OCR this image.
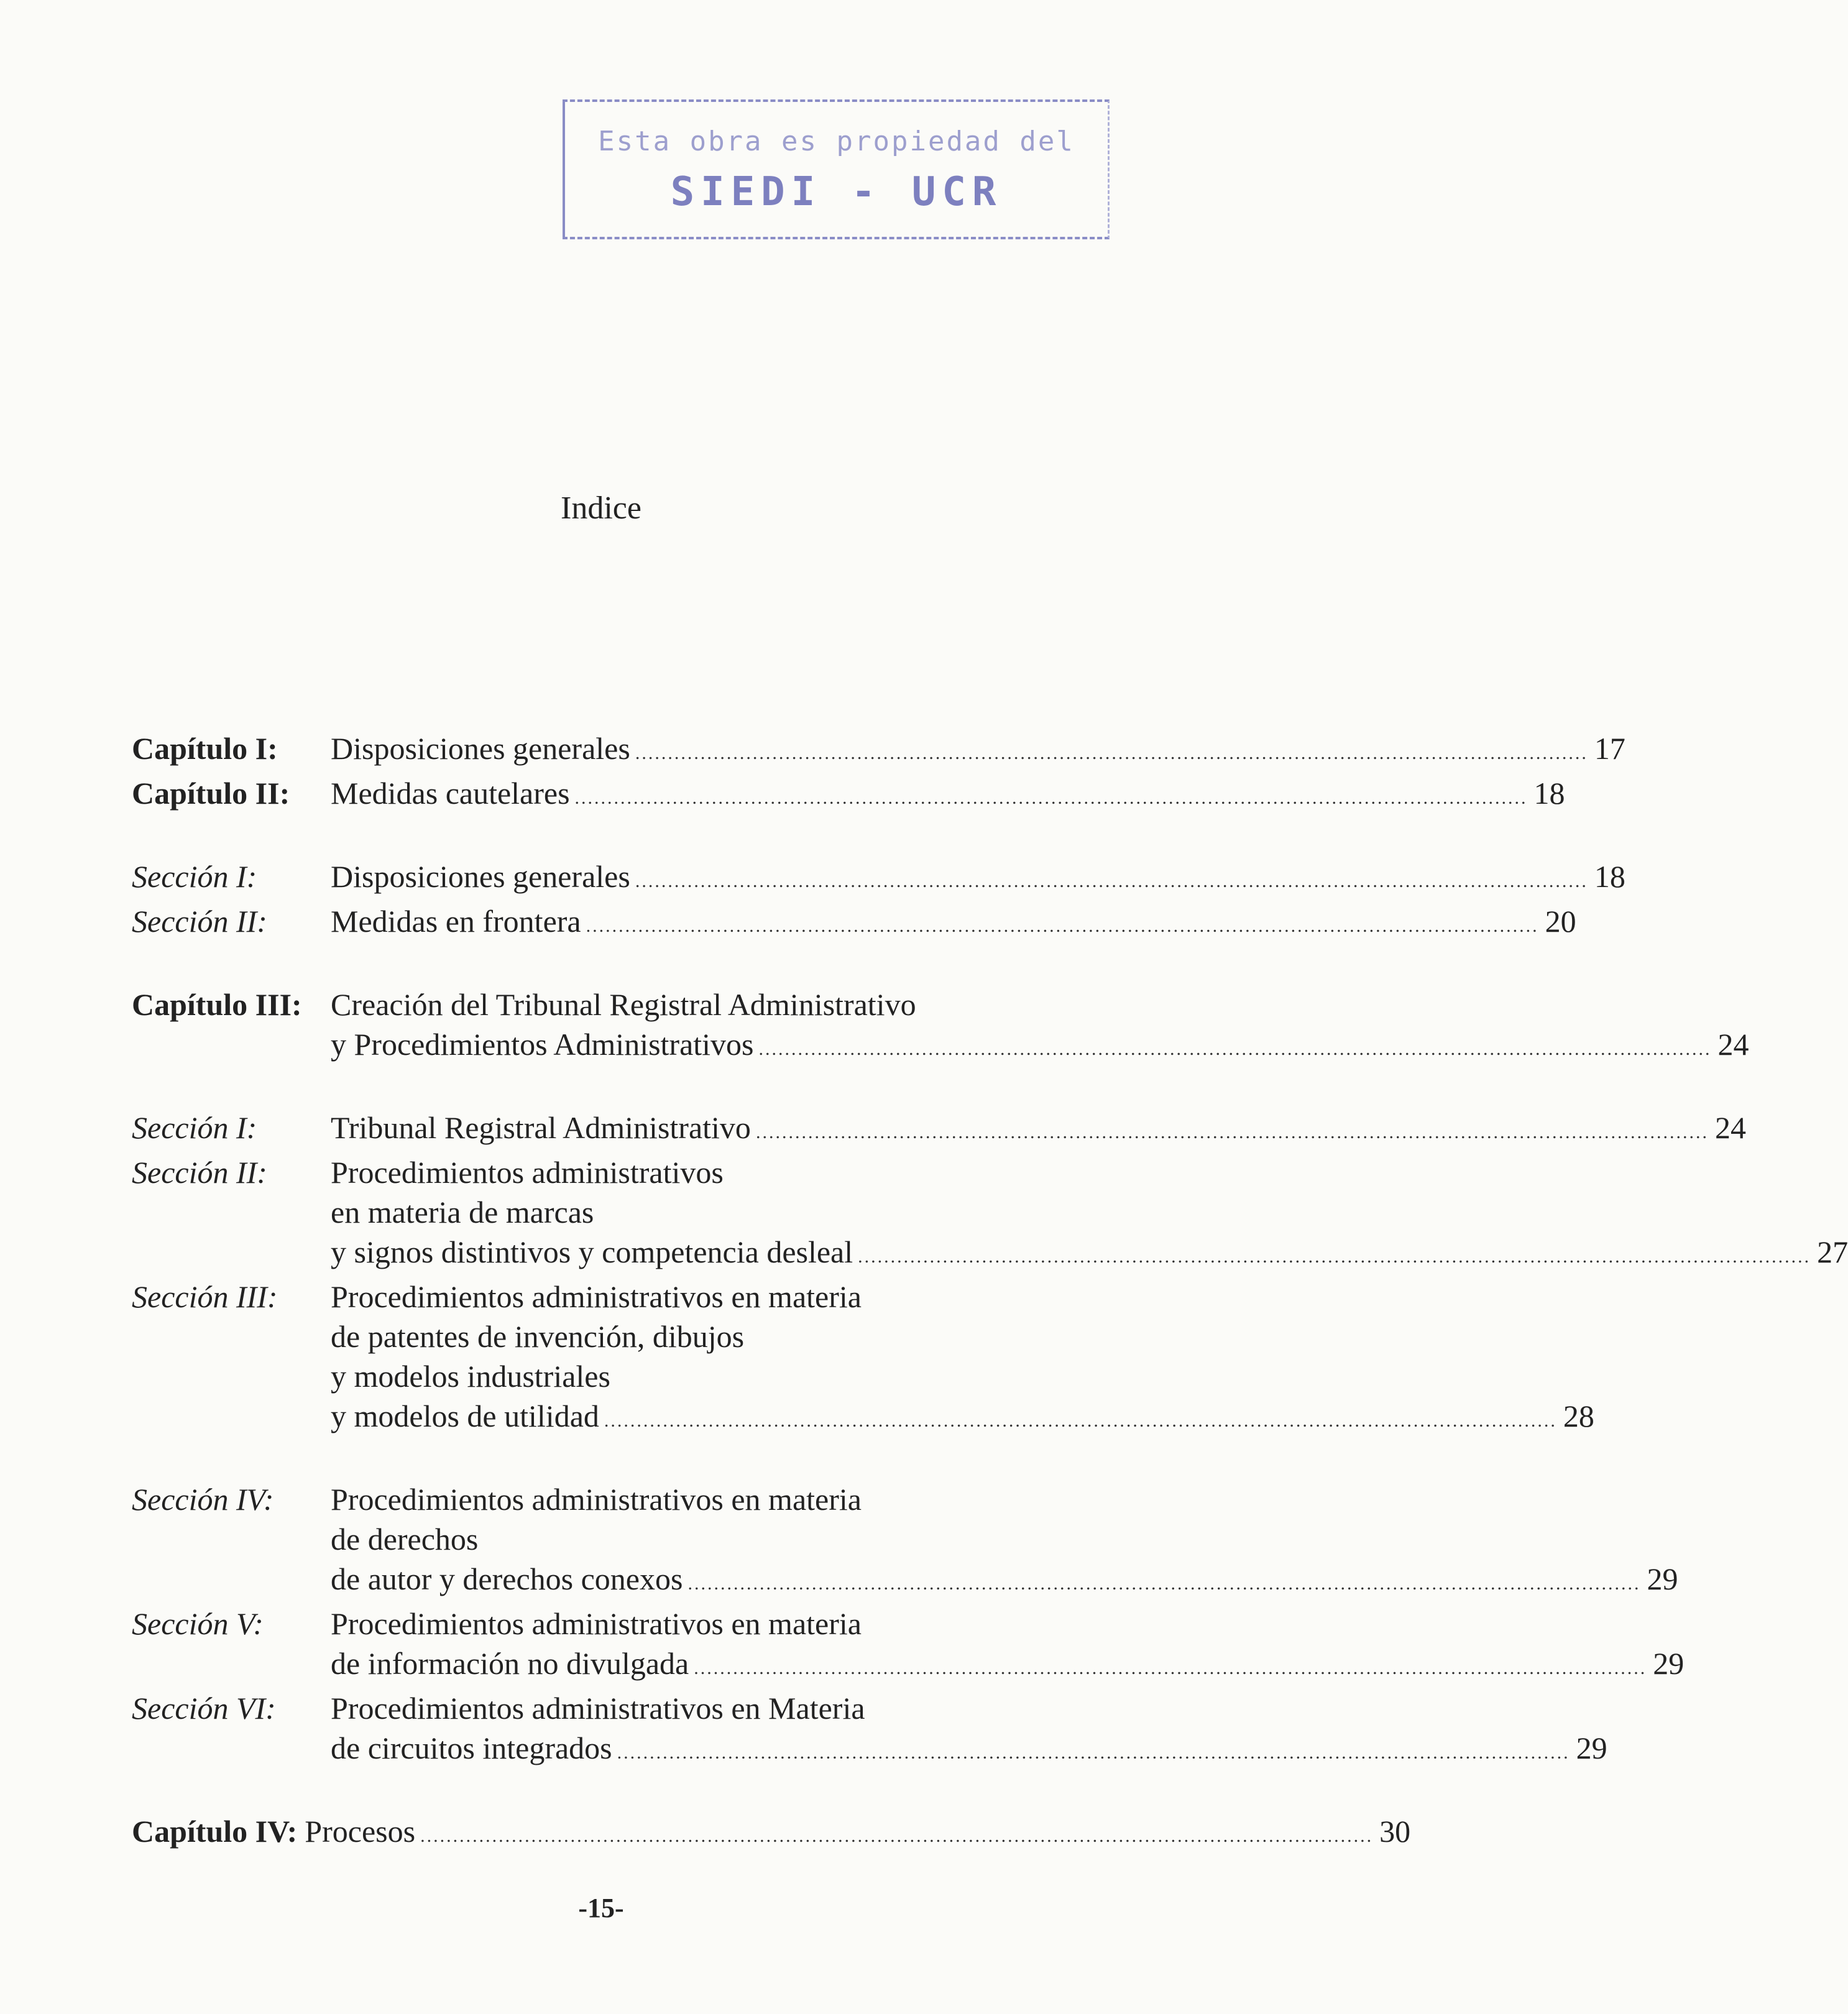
Esta obra es propiedad del
SIEDI - UCR
Indice
Capítulo I:	Disposiciones generales .................................................................................................................................................. 17
Capítulo II:	Medidas cautelares .................................................................................................................................................. 18
Sección I:	Disposiciones generales .................................................................................................................................................. 18
Sección II:	Medidas en frontera .................................................................................................................................................. 20
Capítulo III: Creación del Tribunal Registral Administrativo
y Procedimientos Administrativos .................................................................................................................................................. 24
Sección I:	Tribunal Registral Administrativo .................................................................................................................................................. 24
Sección II:	Procedimientos administrativos
en materia de marcas
y signos distintivos y competencia desleal .................................................................................................................................................. 27
Sección III:	Procedimientos administrativos en materia
de patentes de invención, dibujos
y modelos industriales
y modelos de utilidad .................................................................................................................................................. 28
Sección IV:	Procedimientos administrativos en materia
de derechos
de autor y derechos conexos .................................................................................................................................................. 29
Sección V:	Procedimientos administrativos en materia
de información no divulgada .................................................................................................................................................. 29
Sección VI:	Procedimientos administrativos en Materia
de circuitos integrados .................................................................................................................................................. 29
Capítulo IV: Procesos .................................................................................................................................................. 30
-15-
